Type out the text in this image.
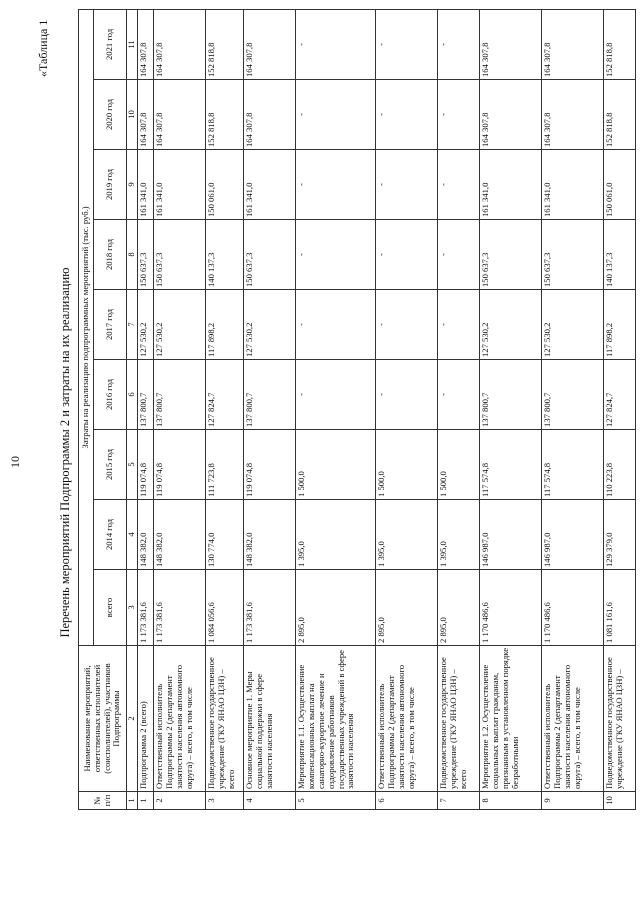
10
«Таблица 1
Перечень мероприятий Подпрограммы 2 и затраты на их реализацию
№ п/п	Наименование мероприятий, ответственных исполнителей (соисполнителей), участников Подпрограммы	Затраты на реализацию подпрограммных мероприятий (тыс. руб.)								
		всего	2014 год	2015 год	2016 год	2017 год	2018 год	2019 год	2020 год	2021 год
1	2	3	4	5	6	7	8	9	10	11
1	Подпрограмма 2 (всего)	1 173 381,6	148 382,0	119 074,8	137 800,7	127 530,2	150 637,3	161 341,0	164 307,8	164 307,8
2	Ответственный исполнитель Подпрограммы 2 (департамент занятости населения автономного округа) – всего, в том числе	1 173 381,6	148 382,0	119 074,8	137 800,7	127 530,2	150 637,3	161 341,0	164 307,8	164 307,8
3	Подведомственное государственное учреждение (ГКУ ЯНАО ЦЗН) – всего	1 084 056,6	130 774,0	111 723,8	127 824,7	117 898,2	140 137,3	150 061,0	152 818,8	152 818,8
4	Основное мероприятие 1. Меры социальной поддержки в сфере занятости населения	1 173 381,6	148 382,0	119 074,8	137 800,7	127 530,2	150 637,3	161 341,0	164 307,8	164 307,8
5	Мероприятие 1.1. Осуществление компенсационных выплат на санаторно-курортное лечение и оздоровление работников государственных учреждений в сфере занятости населения	2 895,0	1 395,0	1 500,0	-	-	-	-	-	-
6	Ответственный исполнитель Подпрограммы 2 (департамент занятости населения автономного округа) – всего, в том числе	2 895,0	1 395,0	1 500,0	-	-	-	-	-	-
7	Подведомственное государственное учреждение (ГКУ ЯНАО ЦЗН) – всего	2 895,0	1 395,0	1 500,0	-	-	-	-	-	-
8	Мероприятие 1.2. Осуществление социальных выплат гражданам, признанным в установленном порядке безработными	1 170 486,6	146 987,0	117 574,8	137 800,7	127 530,2	150 637,3	161 341,0	164 307,8	164 307,8
9	Ответственный исполнитель Подпрограммы 2 (департамент занятости населения автономного округа) – всего, в том числе	1 170 486,6	146 987,0	117 574,8	137 800,7	127 530,2	150 637,3	161 341,0	164 307,8	164 307,8
10	Подведомственное государственное учреждение (ГКУ ЯНАО ЦЗН) –	1 081 161,6	129 379,0	110 223,8	127 824,7	117 898,2	140 137,3	150 061,0	152 818,8	152 818,8
